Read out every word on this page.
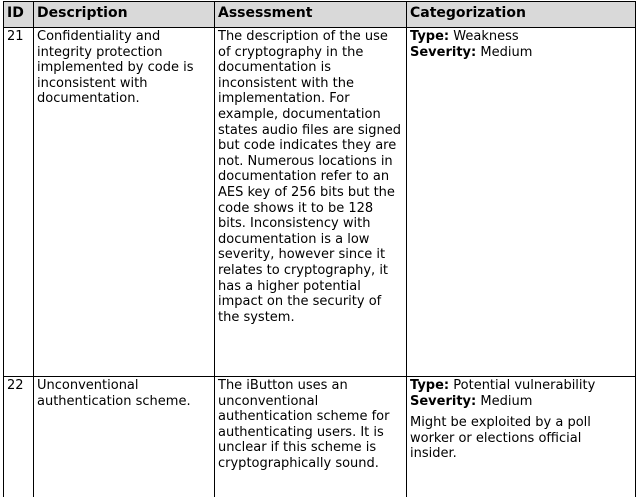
ID	Description	Assessment	Categorization
21	Confidentiality and integrity protection implemented by code is inconsistent with documentation.	The description of the use of cryptography in the documentation is inconsistent with the implementation. For example, documentation states audio files are signed but code indicates they are not. Numerous locations in documentation refer to an AES key of 256 bits but the code shows it to be 128 bits. Inconsistency with documentation is a low severity, however since it relates to cryptography, it has a higher potential impact on the security of the system.	Type: Weakness
Severity: Medium

22	Unconventional authentication scheme.	The iButton uses an unconventional authentication scheme for authenticating users. It is unclear if this scheme is cryptographically sound.	Type: Potential vulnerability
Severity: Medium

Might be exploited by a poll worker or elections official insider.
